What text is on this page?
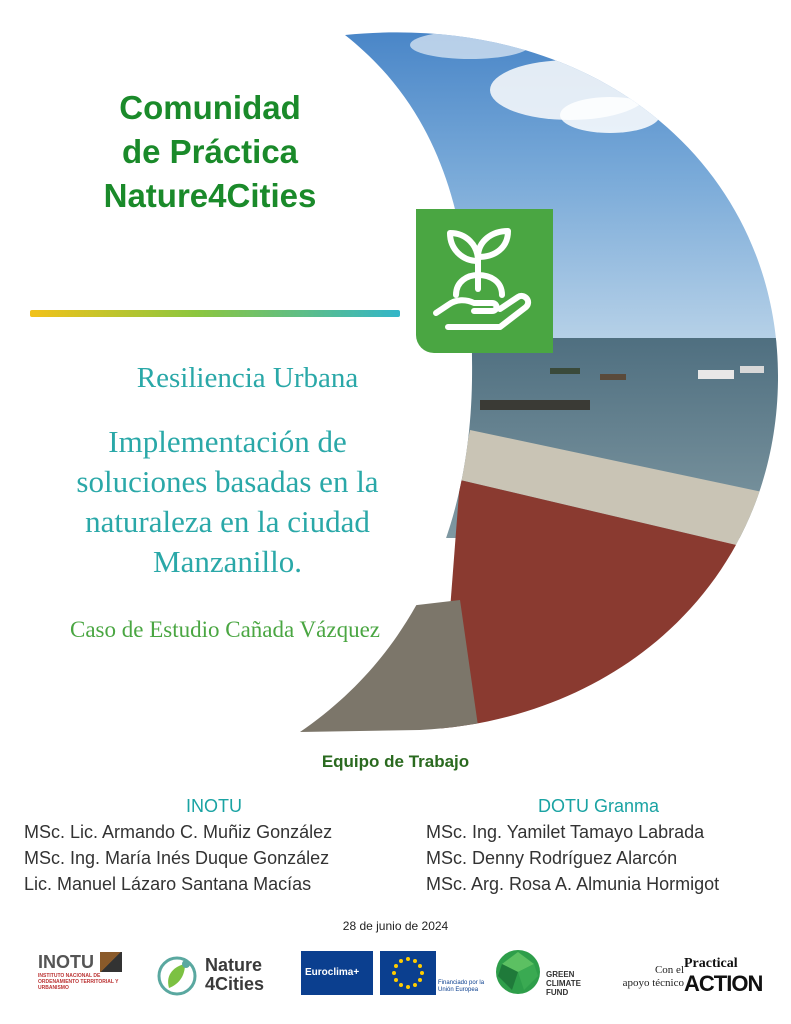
Comunidad
de Práctica
Nature4Cities
Resiliencia Urbana
Implementación de
soluciones basadas en la
naturaleza en la ciudad
Manzanillo.
Caso de Estudio Cañada Vázquez
Equipo de Trabajo
INOTU
MSc. Lic. Armando C. Muñiz González
MSc. Ing. María Inés Duque González
Lic. Manuel Lázaro Santana Macías
DOTU Granma
MSc. Ing. Yamilet Tamayo Labrada
MSc. Denny Rodríguez Alarcón
MSc. Arg. Rosa A. Almunia Hormigot
28 de junio de 2024
INOTU
INSTITUTO NACIONAL DE ORDENAMIENTO TERRITORIAL Y URBANISMO
Nature
4Cities
Euroclima+
Financiado por la Unión Europea
GREEN
CLIMATE
FUND
Con el
apoyo técnico
Practical
ACTION
